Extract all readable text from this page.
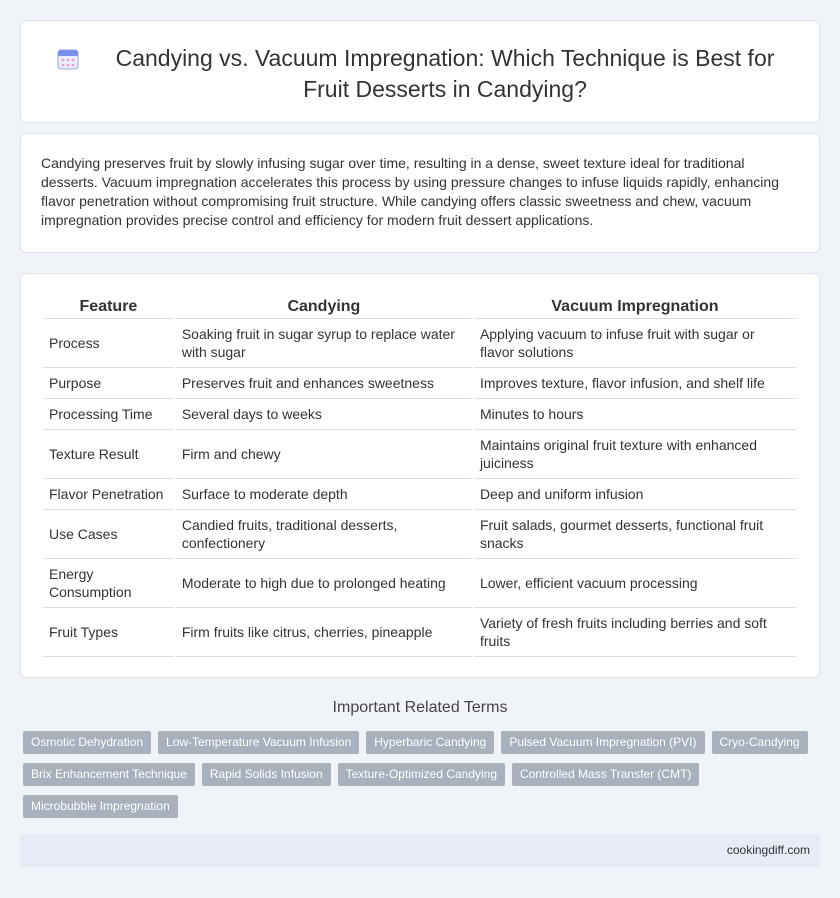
Candying vs. Vacuum Impregnation: Which Technique is Best for Fruit Desserts in Candying?

Candying preserves fruit by slowly infusing sugar over time, resulting in a dense, sweet texture ideal for traditional desserts. Vacuum impregnation accelerates this process by using pressure changes to infuse liquids rapidly, enhancing flavor penetration without compromising fruit structure. While candying offers classic sweetness and chew, vacuum impregnation provides precise control and efficiency for modern fruit dessert applications.

Feature	Candying	Vacuum Impregnation
Process	Soaking fruit in sugar syrup to replace water with sugar	Applying vacuum to infuse fruit with sugar or flavor solutions
Purpose	Preserves fruit and enhances sweetness	Improves texture, flavor infusion, and shelf life
Processing Time	Several days to weeks	Minutes to hours
Texture Result	Firm and chewy	Maintains original fruit texture with enhanced juiciness
Flavor Penetration	Surface to moderate depth	Deep and uniform infusion
Use Cases	Candied fruits, traditional desserts, confectionery	Fruit salads, gourmet desserts, functional fruit snacks
Energy Consumption	Moderate to high due to prolonged heating	Lower, efficient vacuum processing
Fruit Types	Firm fruits like citrus, cherries, pineapple	Variety of fresh fruits including berries and soft fruits
Important Related Terms
Osmotic Dehydration	Low-Temperature Vacuum Infusion	Hyperbaric Candying	Pulsed Vacuum Impregnation (PVI)	Cryo-Candying
Brix Enhancement Technique	Rapid Solids Infusion	Texture-Optimized Candying	Controlled Mass Transfer (CMT)
Microbubble Impregnation
cookingdiff.com
